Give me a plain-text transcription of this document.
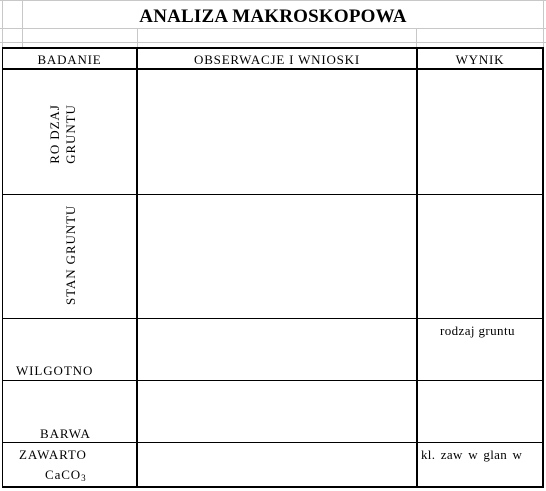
ANALIZA MAKROSKOPOWA
BADANIE	OBSERWACJE I WNIOSKI	WYNIK
RO DZAJ GRUNTU
STAN GRUNTU
WILGOTNO
rodzaj gruntu
BARWA
ZAWARTO
CaCO$_3$
kl. zaw w glan w
